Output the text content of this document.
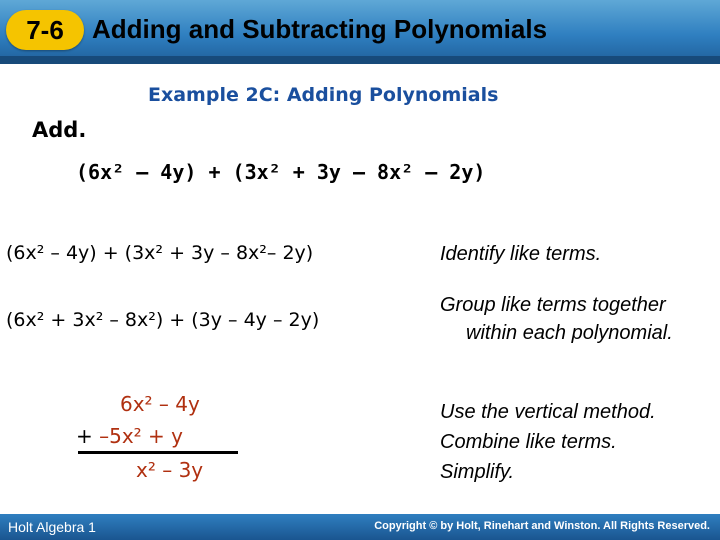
7-6 Adding and Subtracting Polynomials
Example 2C: Adding Polynomials
Add.
(6x² – 4y) + (3x² + 3y – 8x² – 2y)
(6x² – 4y) + (3x² + 3y – 8x²– 2y)	Identify like terms.
(6x² + 3x² – 8x²) + (3y – 4y – 2y)
Group like terms together
within each polynomial.
6x² – 4y
+ –5x² + y
x² – 3y
Use the vertical method.
Combine like terms.
Simplify.
Holt Algebra 1	Copyright © by Holt, Rinehart and Winston. All Rights Reserved.
